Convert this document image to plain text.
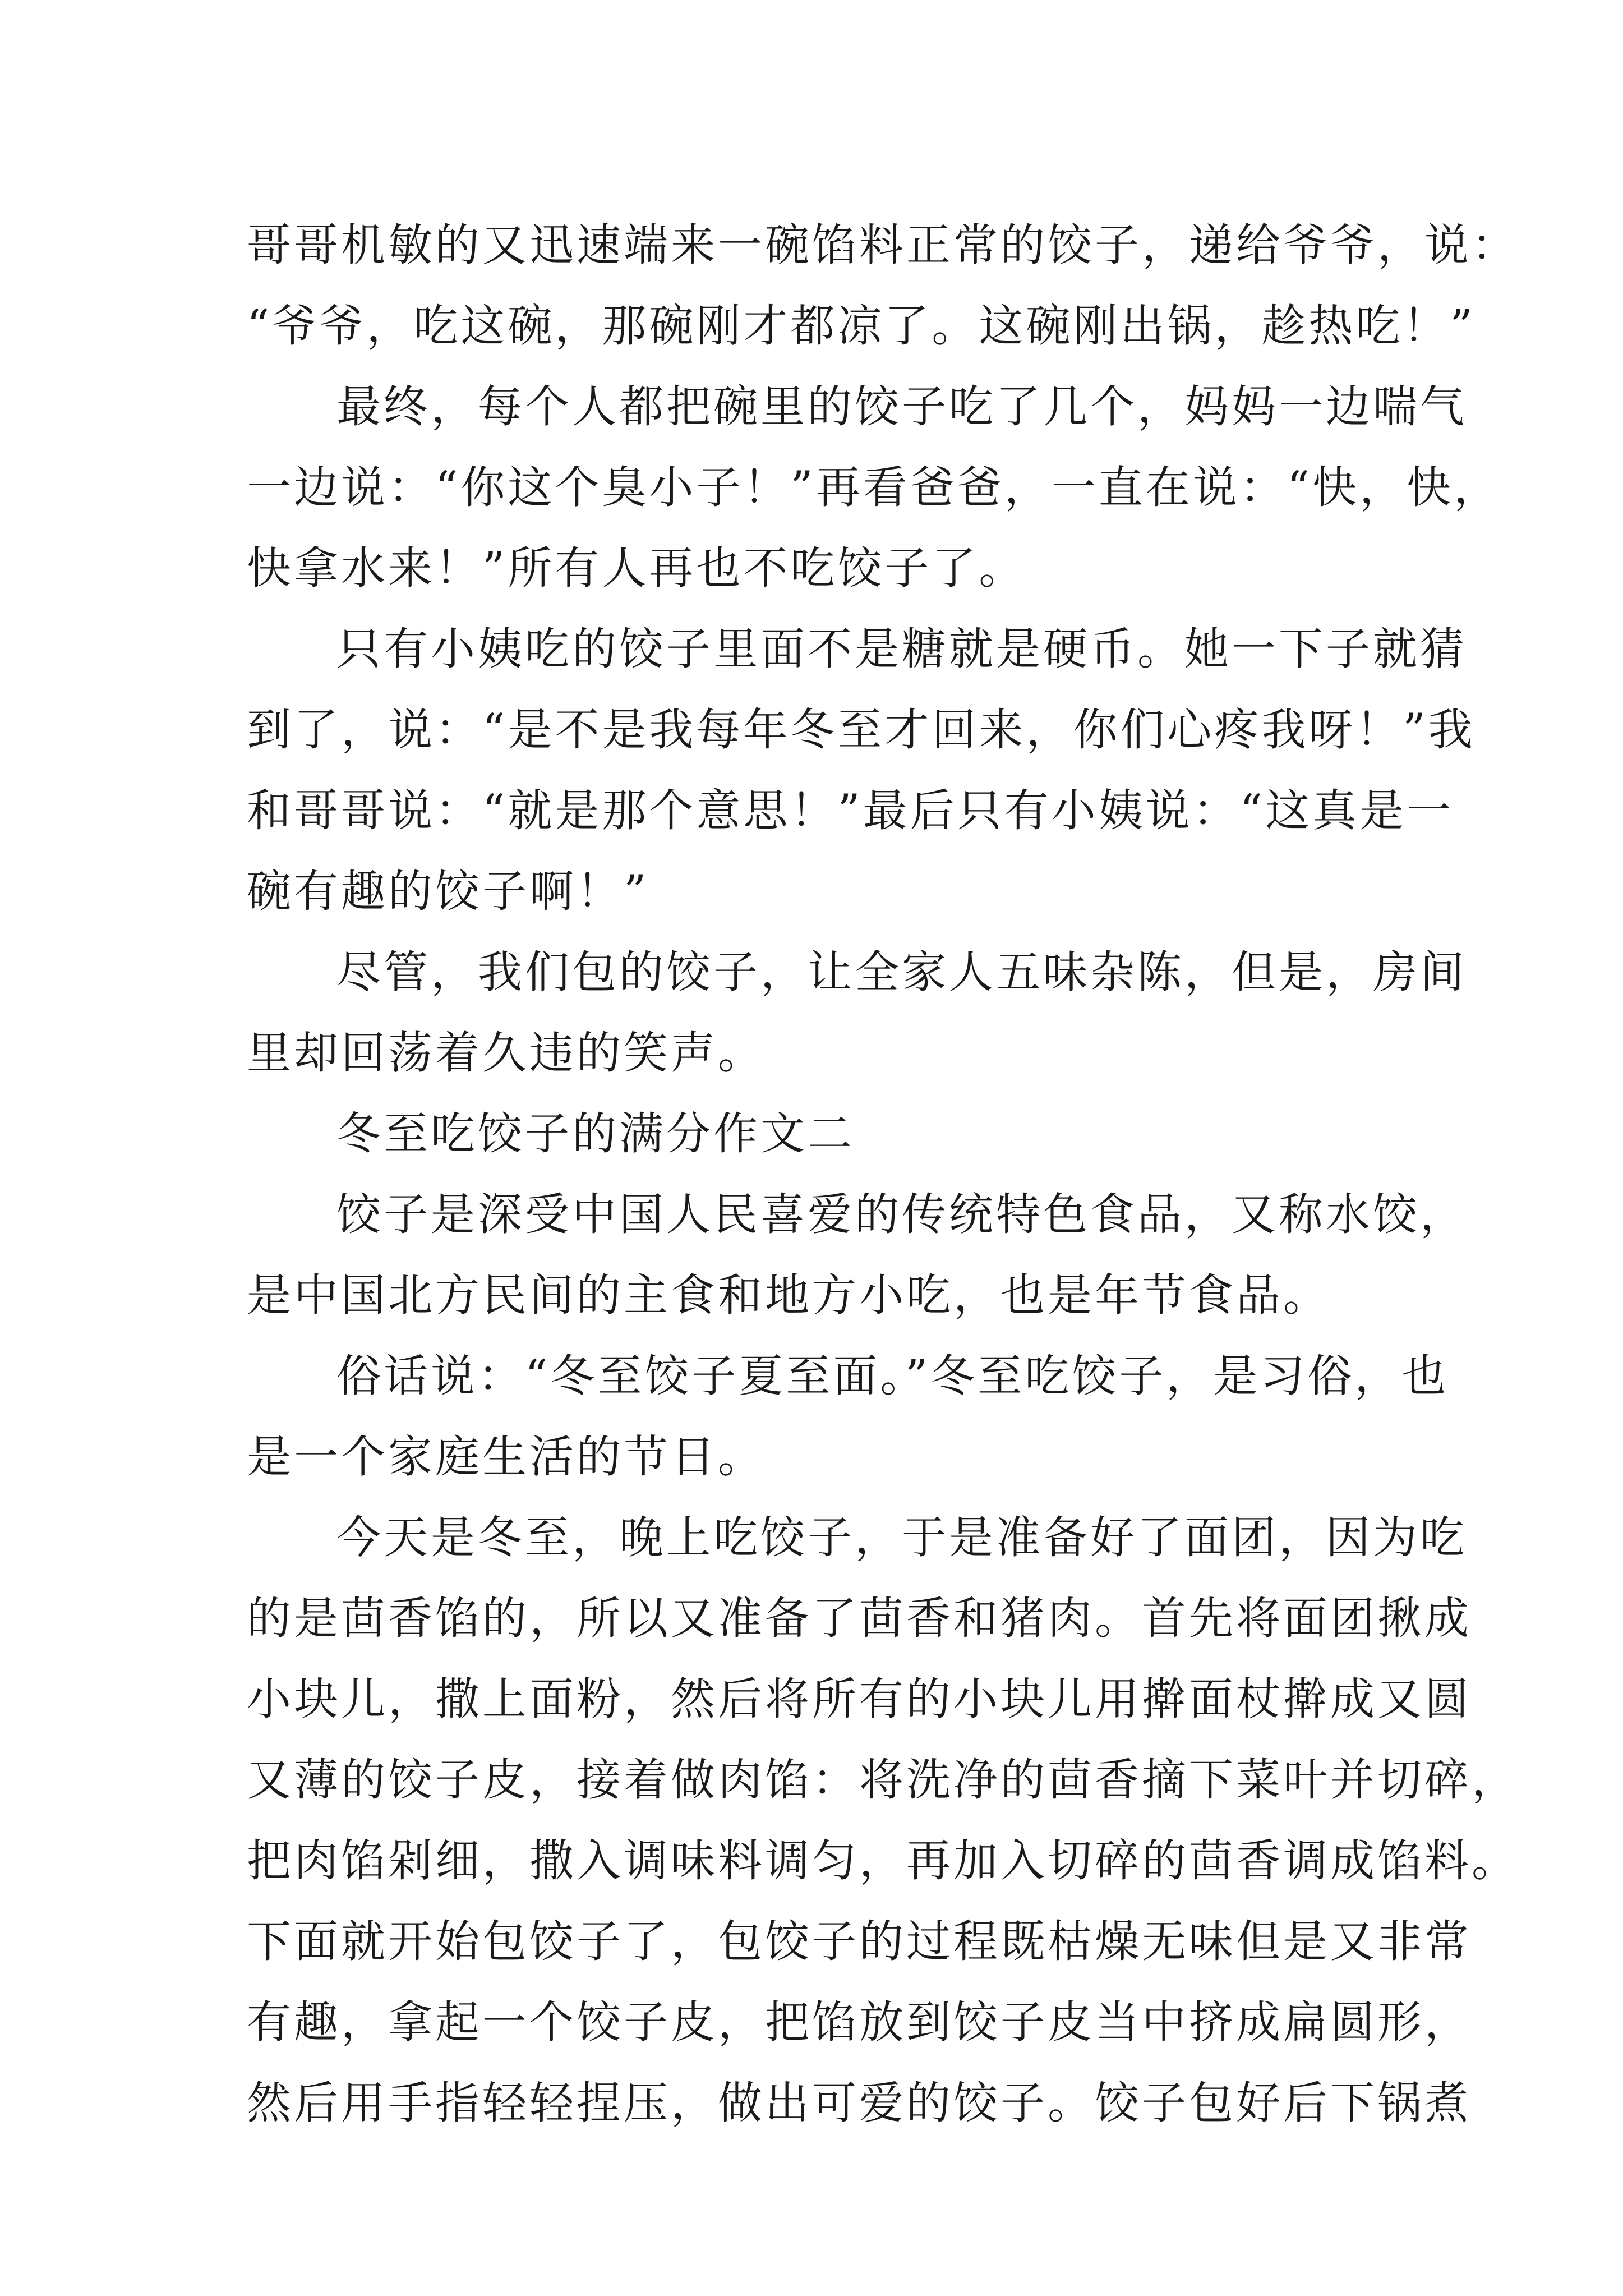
哥哥机敏的又迅速端来一碗馅料正常的饺子，递给爷爷，说：
“爷爷，吃这碗，那碗刚才都凉了。这碗刚出锅，趁热吃！”
最终，每个人都把碗里的饺子吃了几个，妈妈一边喘气
一边说：“你这个臭小子！”再看爸爸，一直在说：“快，快，
快拿水来！”所有人再也不吃饺子了。
只有小姨吃的饺子里面不是糖就是硬币。她一下子就猜
到了，说：“是不是我每年冬至才回来，你们心疼我呀！”我
和哥哥说：“就是那个意思！”最后只有小姨说：“这真是一
碗有趣的饺子啊！”
尽管，我们包的饺子，让全家人五味杂陈，但是，房间
里却回荡着久违的笑声。
冬至吃饺子的满分作文二
饺子是深受中国人民喜爱的传统特色食品，又称水饺，
是中国北方民间的主食和地方小吃，也是年节食品。
俗话说：“冬至饺子夏至面。”冬至吃饺子，是习俗，也
是一个家庭生活的节日。
今天是冬至，晚上吃饺子，于是准备好了面团，因为吃
的是茴香馅的，所以又准备了茴香和猪肉。首先将面团揪成
小块儿，撒上面粉，然后将所有的小块儿用擀面杖擀成又圆
又薄的饺子皮，接着做肉馅：将洗净的茴香摘下菜叶并切碎，
把肉馅剁细，撒入调味料调匀，再加入切碎的茴香调成馅料。
下面就开始包饺子了，包饺子的过程既枯燥无味但是又非常
有趣，拿起一个饺子皮，把馅放到饺子皮当中挤成扁圆形，
然后用手指轻轻捏压，做出可爱的饺子。饺子包好后下锅煮
